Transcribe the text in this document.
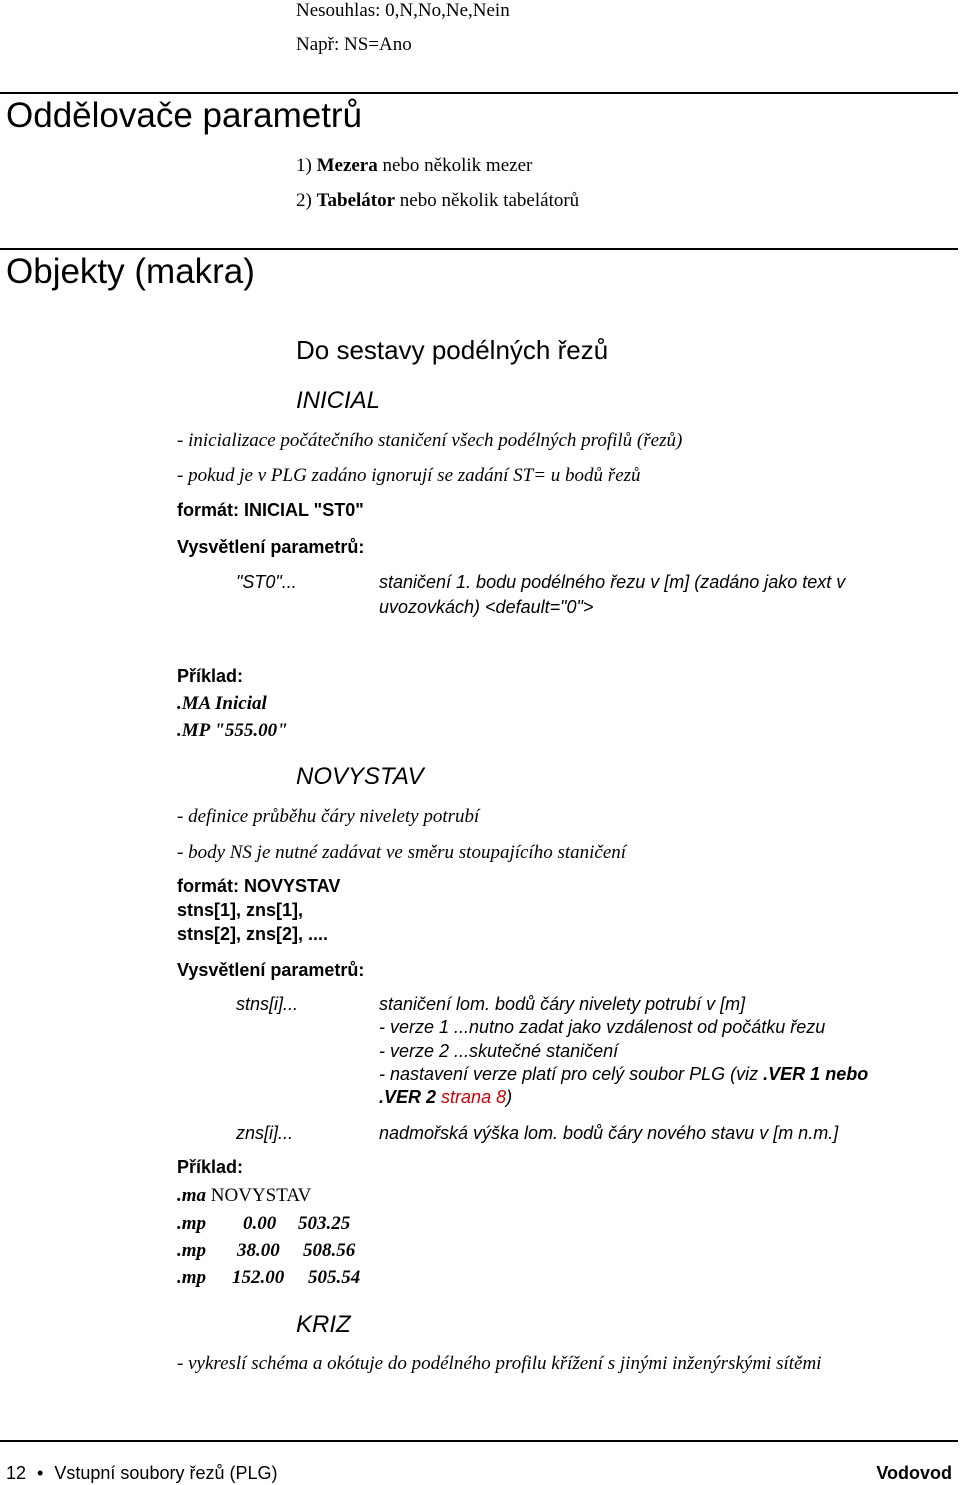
Nesouhlas: 0,N,No,Ne,Nein
Např: NS=Ano
Oddělovače parametrů
1) Mezera nebo několik mezer
2) Tabelátor nebo několik tabelátorů
Objekty (makra)
Do sestavy podélných řezů
INICIAL
- inicializace počátečního staničení všech podélných profilů (řezů)
- pokud je v PLG zadáno ignorují se zadání ST= u bodů řezů
formát: INICIAL "ST0"
Vysvětlení parametrů:
"ST0"...	staničení 1. bodu podélného řezu v [m] (zadáno jako text v
uvozovkách) <default="0">
Příklad:
.MA Inicial
.MP "555.00"
NOVYSTAV
- definice průběhu čáry nivelety potrubí
- body NS je nutné zadávat ve směru stoupajícího staničení
formát: NOVYSTAV
stns[1], zns[1],
stns[2], zns[2], ....
Vysvětlení parametrů:
stns[i]...	staničení lom. bodů čáry nivelety potrubí v [m]
- verze 1 ...nutno zadat jako vzdálenost od počátku řezu
- verze 2 ...skutečné staničení
- nastavení verze platí pro celý soubor PLG (viz .VER 1 nebo
.VER 2 strana 8)
zns[i]...	nadmořská výška lom. bodů čáry nového stavu v [m n.m.]
Příklad:
.ma NOVYSTAV
.mp 0.00 503.25
.mp 38.00 508.56
.mp 152.00 505.54
KRIZ
- vykreslí schéma a okótuje do podélného profilu křížení s jinými inženýrskými sítěmi
12 • Vstupní soubory řezů (PLG)	Vodovod
